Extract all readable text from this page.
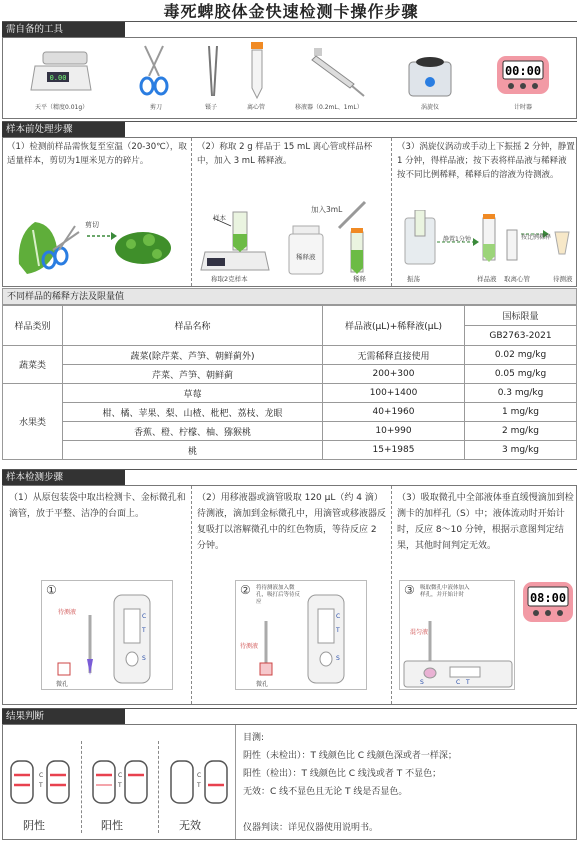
毒死蜱胶体金快速检测卡操作步骤
需自备的工具
0.00
天平（精度0.01g）	剪刀	镊子	离心管	移液器（0.2mL、1mL）	涡旋仪
00:00
计时器
样本前处理步骤
（1）检测前样品需恢复至室温（20-30℃），取适量样本，剪切为1厘米见方的碎片。
（2）称取 2 g 样品于 15 mL 离心管或样品杯中，加入 3 mL 稀释液。
（3）涡旋仪涡动或手动上下振摇 2 分钟，静置 1 分钟，得样品液；按下表将样品液与稀释液按不同比例稀释，稀释后的溶液为待测液。
剪切
样本
加入3mL
称取2克样本
稀释液
稀释
静置1分钟	按比例稀释
振荡	样品液 取离心管	待测液
不同样品的稀释方法及限量值
样品类别	样品名称	样品液(µL)+稀释液(µL)	国标限量
			GB2763-2021
蔬菜类	蔬菜(除芹菜、芦笋、朝鲜蓟外)	无需稀释直接使用	0.02 mg/kg
	芹菜、芦笋、朝鲜蓟	200+300	0.05 mg/kg
水果类	草莓	100+1400	0.3 mg/kg
	柑、橘、苹果、梨、山楂、枇杷、荔枝、龙眼	40+1960	1 mg/kg
	香蕉、橙、柠檬、柚、猕猴桃	10+990	2 mg/kg
	桃	15+1985	3 mg/kg
样本检测步骤
（1）从原包装袋中取出检测卡、金标微孔和滴管，放于平整、洁净的台面上。
（2）用移液器或滴管吸取 120 µL（约 4 滴）待测液，滴加到金标微孔中，用滴管或移液器反复吸打以溶解微孔中的红色物质，等待反应 2 分钟。
（3）吸取微孔中全部液体垂直缓慢滴加到检测卡的加样孔（S）中；液体流动时开始计时，反应 8～10 分钟，根据示意图判定结果，其他时间判定无效。
①
待测液
微孔
C
T
S
② 将待测液加入微孔，吸打后等待反应
待测液
微孔
C
T
S
③ 吸取微孔中液体加入样孔，并开始计时
混匀液
S	C T
08:00
结果判断
C
T
C
T
C
T
阴性	阳性	无效
目测:
阴性（未检出）：T 线颜色比 C 线颜色深或者一样深；
阳性（检出）：T 线颜色比 C 线浅或者 T 不显色；
无效：C 线不显色且无论 T 线是否显色。
仪器判读：详见仪器使用说明书。
